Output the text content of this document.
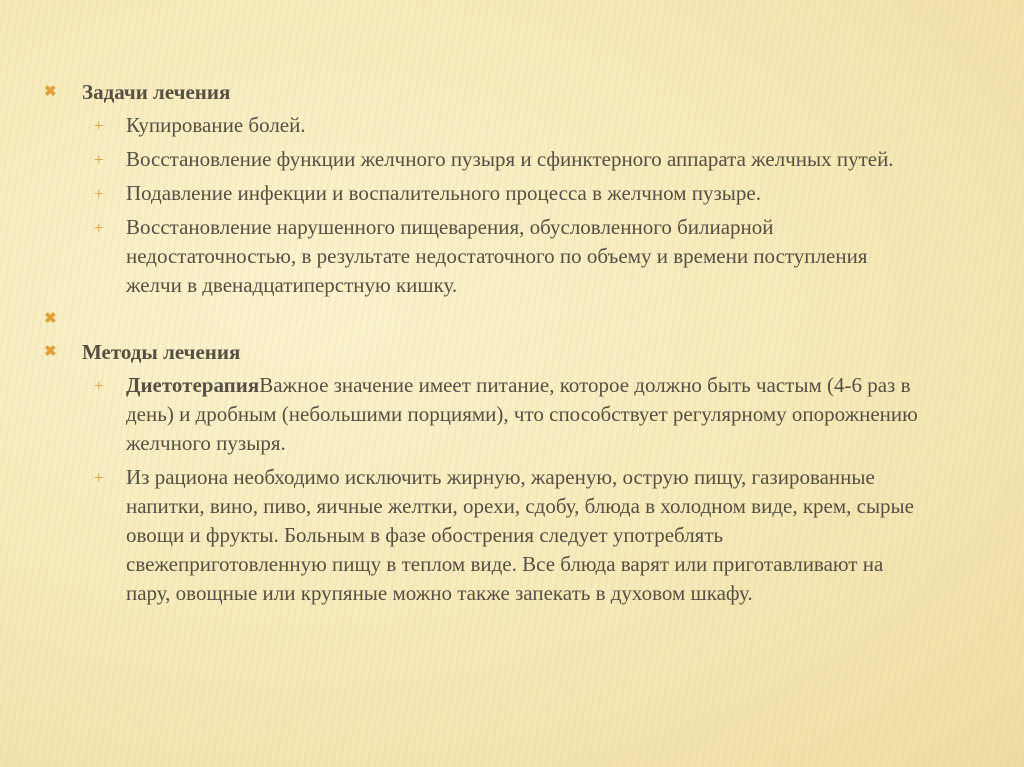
✖ Задачи лечения
+ Купирование болей.
+ Восстановление функции желчного пузыря и сфинктерного аппарата желчных путей.
+ Подавление инфекции и воспалительного процесса в желчном пузыре.
+ Восстановление нарушенного пищеварения, обусловленного билиарной недостаточностью, в результате недостаточного по объему и времени поступления желчи в двенадцатиперстную кишку.
✖
✖ Методы лечения
+ ДиетотерапияВажное значение имеет питание, которое должно быть частым (4-6 раз в день) и дробным (небольшими порциями), что способствует регулярному опорожнению желчного пузыря.
+ Из рациона необходимо исключить жирную, жареную, острую пищу, газированные напитки, вино, пиво, яичные желтки, орехи, сдобу, блюда в холодном виде, крем, сырые овощи и фрукты. Больным в фазе обострения следует употреблять свежеприготовленную пищу в теплом виде. Все блюда варят или приготавливают на пару, овощные или крупяные можно также запекать в духовом шкафу.
